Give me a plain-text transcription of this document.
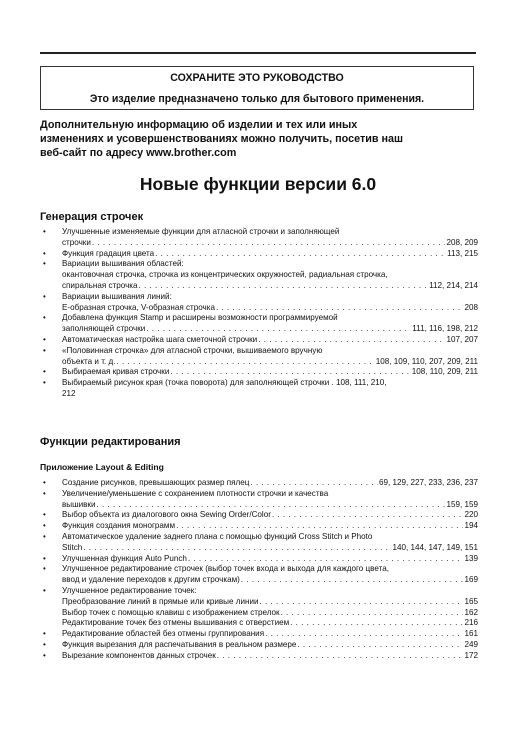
СОХРАНИТЕ ЭТО РУКОВОДСТВО
Это изделие предназначено только для бытового применения.
Дополнительную информацию об изделии и тех или иных
изменениях и усовершенствованиях можно получить, посетив наш
веб-сайт по адресу www.brother.com
Новые функции версии 6.0
Генерация строчек
• Улучшенные изменяемые функции для атласной строчки и заполняющей
строчки . . .	208, 209
• Функция градация цвета . . .	113, 215
• Вариации вышивания областей:
окантовочная строчка, строчка из концентрических окружностей, радиальная строчка,
спиральная строчка . . .	112, 214, 214
• Вариации вышивания линий:
E-образная строчка, V-образная строчка . . .	208
• Добавлена функция Stamp и расширены возможности программируемой
заполняющей строчки . . .	111, 116, 198, 212
• Автоматическая настройка шага сметочной строчки . . .	107, 207
• «Половинная строчка» для атласной строчки, вышиваемого вручную
объекта и т. д. . . .	108, 109, 110, 207, 209, 211
• Выбираемая кривая строчки . . .	108, 110, 209, 211
• Выбираемый рисунок края (точка поворота) для заполняющей строчки . 108, 111, 210,
212
Функции редактирования
Приложение Layout & Editing
• Создание рисунков, превышающих размер пялец . . .	69, 129, 227, 233, 236, 237
• Увеличение/уменьшение с сохранением плотности строчки и качества
вышивки . . .	159, 159
• Выбор объекта из диалогового окна Sewing Order/Color . . .	220
• Функция создания монограмм . . .	194
• Автоматическое удаление заднего плана с помощью функций Cross Stitch и Photo
Stitch . . .	140, 144, 147, 149, 151
• Улучшенная функция Auto Punch . . .	139
• Улучшенное редактирование строчек (выбор точек входа и выхода для каждого цвета,
ввод и удаление переходов к другим строчкам) . . .	169
• Улучшенное редактирование точек:
Преобразование линий в прямые или кривые линии . . .	165
Выбор точек с помощью клавиш с изображением стрелок . . .	162
Редактирование точек без отмены вышивания с отверстием . . .	216
• Редактирование областей без отмены группирования . . .	161
• Функция вырезания для распечатывания в реальном размере . . .	249
• Вырезание компонентов данных строчек . . .	172
